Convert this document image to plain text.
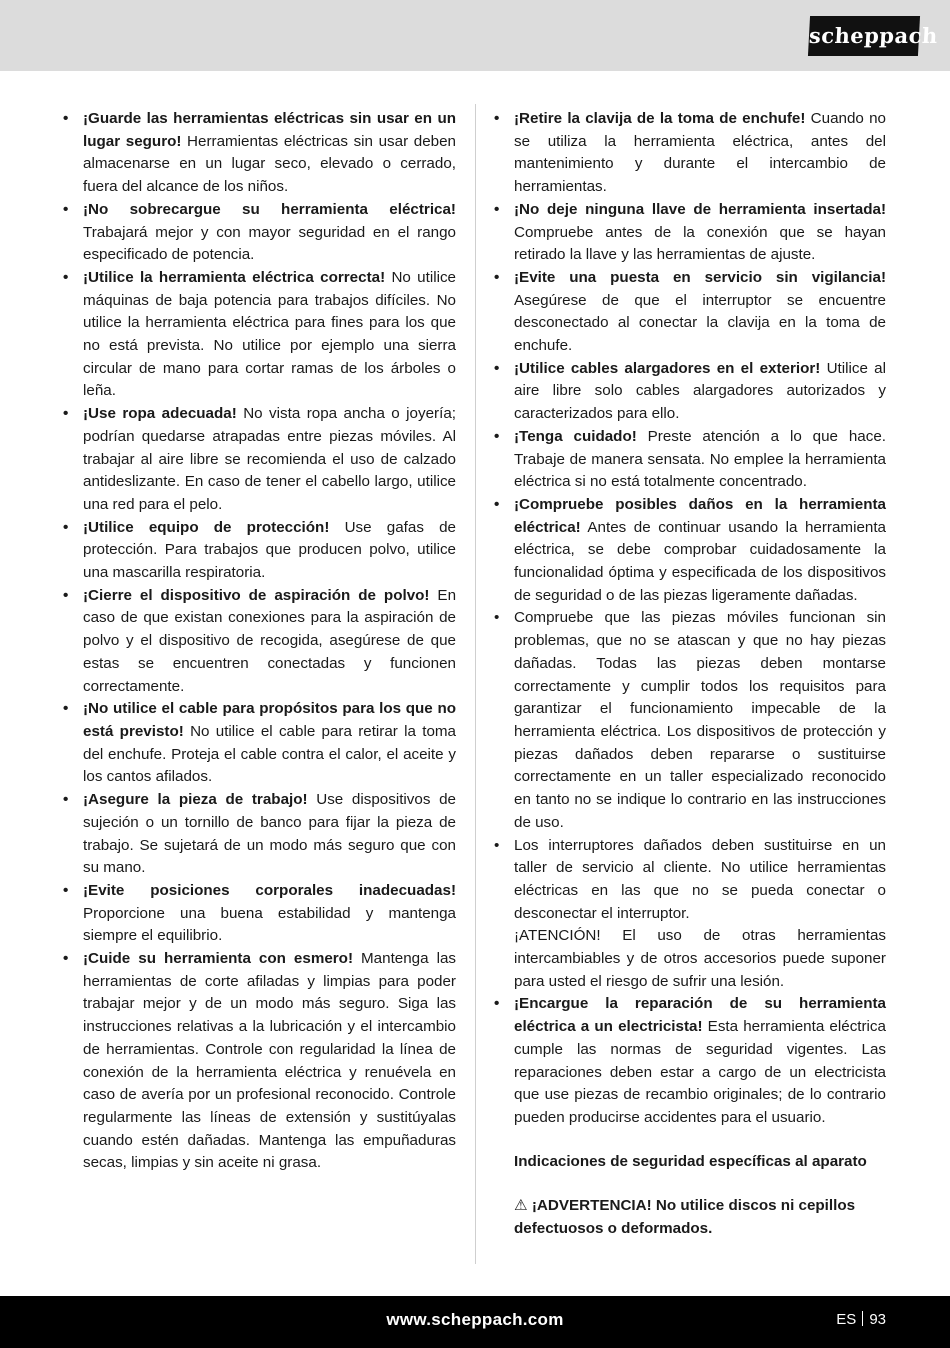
scheppach
• ¡Guarde las herramientas eléctricas sin usar en un lugar seguro! Herramientas eléctricas sin usar deben almacenarse en un lugar seco, elevado o cerrado, fuera del alcance de los niños.
• ¡No sobrecargue su herramienta eléctrica! Trabajará mejor y con mayor seguridad en el rango especificado de potencia.
• ¡Utilice la herramienta eléctrica correcta! No utilice máquinas de baja potencia para trabajos difíciles. No utilice la herramienta eléctrica para fines para los que no está prevista. No utilice por ejemplo una sierra circular de mano para cortar ramas de los árboles o leña.
• ¡Use ropa adecuada! No vista ropa ancha o joyería; podrían quedarse atrapadas entre piezas móviles. Al trabajar al aire libre se recomienda el uso de calzado antideslizante. En caso de tener el cabello largo, utilice una red para el pelo.
• ¡Utilice equipo de protección! Use gafas de protección. Para trabajos que producen polvo, utilice una mascarilla respiratoria.
• ¡Cierre el dispositivo de aspiración de polvo! En caso de que existan conexiones para la aspiración de polvo y el dispositivo de recogida, asegúrese de que estas se encuentren conectadas y funcionen correctamente.
• ¡No utilice el cable para propósitos para los que no está previsto! No utilice el cable para retirar la toma del enchufe. Proteja el cable contra el calor, el aceite y los cantos afilados.
• ¡Asegure la pieza de trabajo! Use dispositivos de sujeción o un tornillo de banco para fijar la pieza de trabajo. Se sujetará de un modo más seguro que con su mano.
• ¡Evite posiciones corporales inadecuadas! Proporcione una buena estabilidad y mantenga siempre el equilibrio.
• ¡Cuide su herramienta con esmero! Mantenga las herramientas de corte afiladas y limpias para poder trabajar mejor y de un modo más seguro. Siga las instrucciones relativas a la lubricación y el intercambio de herramientas. Controle con regularidad la línea de conexión de la herramienta eléctrica y renuévela en caso de avería por un profesional reconocido. Controle regularmente las líneas de extensión y sustitúyalas cuando estén dañadas. Mantenga las empuñaduras secas, limpias y sin aceite ni grasa.
• ¡Retire la clavija de la toma de enchufe! Cuando no se utiliza la herramienta eléctrica, antes del mantenimiento y durante el intercambio de herramientas.
• ¡No deje ninguna llave de herramienta insertada! Compruebe antes de la conexión que se hayan retirado la llave y las herramientas de ajuste.
• ¡Evite una puesta en servicio sin vigilancia! Asegúrese de que el interruptor se encuentre desconectado al conectar la clavija en la toma de enchufe.
• ¡Utilice cables alargadores en el exterior! Utilice al aire libre solo cables alargadores autorizados y caracterizados para ello.
• ¡Tenga cuidado! Preste atención a lo que hace. Trabaje de manera sensata. No emplee la herramienta eléctrica si no está totalmente concentrado.
• ¡Compruebe posibles daños en la herramienta eléctrica! Antes de continuar usando la herramienta eléctrica, se debe comprobar cuidadosamente la funcionalidad óptima y especificada de los dispositivos de seguridad o de las piezas ligeramente dañadas.
• Compruebe que las piezas móviles funcionan sin problemas, que no se atascan y que no hay piezas dañadas. Todas las piezas deben montarse correctamente y cumplir todos los requisitos para garantizar el funcionamiento impecable de la herramienta eléctrica. Los dispositivos de protección y piezas dañados deben repararse o sustituirse correctamente en un taller especializado reconocido en tanto no se indique lo contrario en las instrucciones de uso.
• Los interruptores dañados deben sustituirse en un taller de servicio al cliente. No utilice herramientas eléctricas en las que no se pueda conectar o desconectar el interruptor.
¡ATENCIÓN! El uso de otras herramientas intercambiables y de otros accesorios puede suponer para usted el riesgo de sufrir una lesión.
• ¡Encargue la reparación de su herramienta eléctrica a un electricista! Esta herramienta eléctrica cumple las normas de seguridad vigentes. Las reparaciones deben estar a cargo de un electricista que use piezas de recambio originales; de lo contrario pueden producirse accidentes para el usuario.
Indicaciones de seguridad específicas al aparato
⚠ ¡ADVERTENCIA! No utilice discos ni cepillos defectuosos o deformados.
www.scheppach.com	ES 93
